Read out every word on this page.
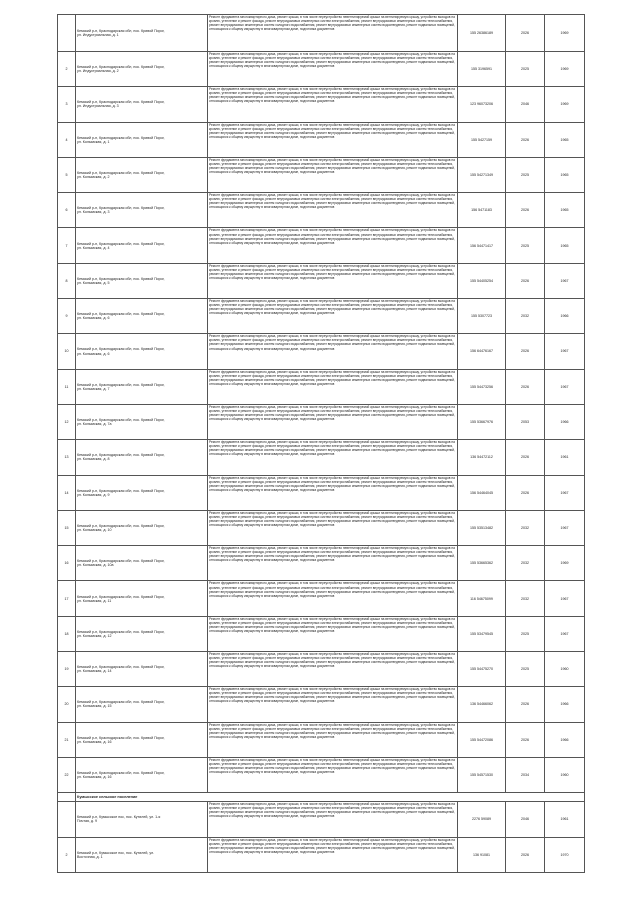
	Кемский р-н, Краснодарская обл, пос. Кривой Порог,
ул. Индустриальная, д. 1	Ремонт фундамента многоквартирного дома, ремонт крыши, в том числе переустройство невентилируемой крыши на вентилируемую крышу, устройство выходов на кровлю, утепление и ремонт фасада, ремонт внутридомовых инженерных систем электроснабжения, ремонт внутридомовых инженерных систем теплоснабжения, ремонт внутридомовых инженерных систем холодного водоснабжения, ремонт внутридомовых инженерных систем водоотведения, ремонт подвальных помещений, относящихся к общему имуществу в многоквартирном доме, подготовка документов	155 26386189	2026	1969
2	Кемский р-н, Краснодарская обл, пос. Кривой Порог,
ул. Индустриальная, д. 2	Ремонт фундамента многоквартирного дома, ремонт крыши, в том числе переустройство невентилируемой крыши на вентилируемую крышу, устройство выходов на кровлю, утепление и ремонт фасада, ремонт внутридомовых инженерных систем электроснабжения, ремонт внутридомовых инженерных систем теплоснабжения, ремонт внутридомовых инженерных систем холодного водоснабжения, ремонт внутридомовых инженерных систем водоотведения, ремонт подвальных помещений, относящихся к общему имуществу в многоквартирном доме, подготовка документов	155 3196591	2025	1969
3	Кемский р-н, Краснодарская обл, пос. Кривой Порог,
ул. Индустриальная, д. 3	Ремонт фундамента многоквартирного дома, ремонт крыши, в том числе переустройство невентилируемой крыши на вентилируемую крышу, устройство выходов на кровлю, утепление и ремонт фасада, ремонт внутридомовых инженерных систем электроснабжения, ремонт внутридомовых инженерных систем теплоснабжения, ремонт внутридомовых инженерных систем холодного водоснабжения, ремонт внутридомовых инженерных систем водоотведения, ремонт подвальных помещений, относящихся к общему имуществу в многоквартирном доме, подготовка документов	123 96073206	2046	1969
4	Кемский р-н, Краснодарская обл, пос. Кривой Порог,
ул. Колымская, д. 1	Ремонт фундамента многоквартирного дома, ремонт крыши, в том числе переустройство невентилируемой крыши на вентилируемую крышу, устройство выходов на кровлю, утепление и ремонт фасада, ремонт внутридомовых инженерных систем электроснабжения, ремонт внутридомовых инженерных систем теплоснабжения, ремонт внутридомовых инженерных систем холодного водоснабжения, ремонт внутридомовых инженерных систем водоотведения, ремонт подвальных помещений, относящихся к общему имуществу в многоквартирном доме, подготовка документов	155 5427159	2026	1965
5	Кемский р-н, Краснодарская обл, пос. Кривой Порог,
ул. Колымская, д. 2	Ремонт фундамента многоквартирного дома, ремонт крыши, в том числе переустройство невентилируемой крыши на вентилируемую крышу, устройство выходов на кровлю, утепление и ремонт фасада, ремонт внутридомовых инженерных систем электроснабжения, ремонт внутридомовых инженерных систем теплоснабжения, ремонт внутридомовых инженерных систем холодного водоснабжения, ремонт внутридомовых инженерных систем водоотведения, ремонт подвальных помещений, относящихся к общему имуществу в многоквартирном доме, подготовка документов	155 54271349	2025	1965
6	Кемский р-н, Краснодарская обл, пос. Кривой Порог,
ул. Колымская, д. 3	Ремонт фундамента многоквартирного дома, ремонт крыши, в том числе переустройство невентилируемой крыши на вентилируемую крышу, устройство выходов на кровлю, утепление и ремонт фасада, ремонт внутридомовых инженерных систем электроснабжения, ремонт внутридомовых инженерных систем теплоснабжения, ремонт внутридомовых инженерных систем холодного водоснабжения, ремонт внутридомовых инженерных систем водоотведения, ремонт подвальных помещений, относящихся к общему имуществу в многоквартирном доме, подготовка документов	156 5471183	2026	1965
7	Кемский р-н, Краснодарская обл, пос. Кривой Порог,
ул. Колымская, д. 4	Ремонт фундамента многоквартирного дома, ремонт крыши, в том числе переустройство невентилируемой крыши на вентилируемую крышу, устройство выходов на кровлю, утепление и ремонт фасада, ремонт внутридомовых инженерных систем электроснабжения, ремонт внутридомовых инженерных систем теплоснабжения, ремонт внутридомовых инженерных систем холодного водоснабжения, ремонт внутридомовых инженерных систем водоотведения, ремонт подвальных помещений, относящихся к общему имуществу в многоквартирном доме, подготовка документов	156 54471417	2025	1965
8	Кемский р-н, Краснодарская обл, пос. Кривой Порог,
ул. Колымская, д. 5	Ремонт фундамента многоквартирного дома, ремонт крыши, в том числе переустройство невентилируемой крыши на вентилируемую крышу, устройство выходов на кровлю, утепление и ремонт фасада, ремонт внутридомовых инженерных систем электроснабжения, ремонт внутридомовых инженерных систем теплоснабжения, ремонт внутридомовых инженерных систем холодного водоснабжения, ремонт внутридомовых инженерных систем водоотведения, ремонт подвальных помещений, относящихся к общему имуществу в многоквартирном доме, подготовка документов	155 54405254	2026	1967
9	Кемский р-н, Краснодарская обл, пос. Кривой Порог,
ул. Колымская, д. 6	Ремонт фундамента многоквартирного дома, ремонт крыши, в том числе переустройство невентилируемой крыши на вентилируемую крышу, устройство выходов на кровлю, утепление и ремонт фасада, ремонт внутридомовых инженерных систем электроснабжения, ремонт внутридомовых инженерных систем теплоснабжения, ремонт внутридомовых инженерных систем холодного водоснабжения, ремонт внутридомовых инженерных систем водоотведения, ремонт подвальных помещений, относящихся к общему имуществу в многоквартирном доме, подготовка документов	155 5307723	2032	1966
10	Кемский р-н, Краснодарская обл, пос. Кривой Порог,
ул. Колымская, д. 6	Ремонт фундамента многоквартирного дома, ремонт крыши, в том числе переустройство невентилируемой крыши на вентилируемую крышу, устройство выходов на кровлю, утепление и ремонт фасада, ремонт внутридомовых инженерных систем электроснабжения, ремонт внутридомовых инженерных систем теплоснабжения, ремонт внутридомовых инженерных систем холодного водоснабжения, ремонт внутридомовых инженерных систем водоотведения, ремонт подвальных помещений, относящихся к общему имуществу в многоквартирном доме, подготовка документов	156 64476167	2026	1967
11	Кемский р-н, Краснодарская обл, пос. Кривой Порог,
ул. Колымская, д. 7	Ремонт фундамента многоквартирного дома, ремонт крыши, в том числе переустройство невентилируемой крыши на вентилируемую крышу, устройство выходов на кровлю, утепление и ремонт фасада, ремонт внутридомовых инженерных систем электроснабжения, ремонт внутридомовых инженерных систем теплоснабжения, ремонт внутридомовых инженерных систем холодного водоснабжения, ремонт внутридомовых инженерных систем водоотведения, ремонт подвальных помещений, относящихся к общему имуществу в многоквартирном доме, подготовка документов	155 54473256	2026	1967
12	Кемский р-н, Краснодарская обл, пос. Кривой Порог,
ул. Колымская, д. 7а	Ремонт фундамента многоквартирного дома, ремонт крыши, в том числе переустройство невентилируемой крыши на вентилируемую крышу, устройство выходов на кровлю, утепление и ремонт фасада, ремонт внутридомовых инженерных систем электроснабжения, ремонт внутридомовых инженерных систем теплоснабжения, ремонт внутридомовых инженерных систем холодного водоснабжения, ремонт внутридомовых инженерных систем водоотведения, ремонт подвальных помещений, относящихся к общему имуществу в многоквартирном доме, подготовка документов	155 53667976	2053	1966
13	Кемский р-н, Краснодарская обл, пос. Кривой Порог,
ул. Колымская, д. 8	Ремонт фундамента многоквартирного дома, ремонт крыши, в том числе переустройство невентилируемой крыши на вентилируемую крышу, устройство выходов на кровлю, утепление и ремонт фасада, ремонт внутридомовых инженерных систем электроснабжения, ремонт внутридомовых инженерных систем теплоснабжения, ремонт внутридомовых инженерных систем холодного водоснабжения, ремонт внутридомовых инженерных систем водоотведения, ремонт подвальных помещений, относящихся к общему имуществу в многоквартирном доме, подготовка документов	136 54472112	2026	1961
14	Кемский р-н, Краснодарская обл, пос. Кривой Порог,
ул. Колымская, д. 9	Ремонт фундамента многоквартирного дома, ремонт крыши, в том числе переустройство невентилируемой крыши на вентилируемую крышу, устройство выходов на кровлю, утепление и ремонт фасада, ремонт внутридомовых инженерных систем электроснабжения, ремонт внутридомовых инженерных систем теплоснабжения, ремонт внутридомовых инженерных систем холодного водоснабжения, ремонт внутридомовых инженерных систем водоотведения, ремонт подвальных помещений, относящихся к общему имуществу в многоквартирном доме, подготовка документов	156 54464045	2026	1967
15	Кемский р-н, Краснодарская обл, пос. Кривой Порог,
ул. Колымская, д. 10	Ремонт фундамента многоквартирного дома, ремонт крыши, в том числе переустройство невентилируемой крыши на вентилируемую крышу, устройство выходов на кровлю, утепление и ремонт фасада, ремонт внутридомовых инженерных систем электроснабжения, ремонт внутридомовых инженерных систем теплоснабжения, ремонт внутридомовых инженерных систем холодного водоснабжения, ремонт внутридомовых инженерных систем водоотведения, ремонт подвальных помещений, относящихся к общему имуществу в многоквартирном доме, подготовка документов	155 53513482	2032	1967
16	Кемский р-н, Краснодарская обл, пос. Кривой Порог,
ул. Колымская, д. 10а	Ремонт фундамента многоквартирного дома, ремонт крыши, в том числе переустройство невентилируемой крыши на вентилируемую крышу, устройство выходов на кровлю, утепление и ремонт фасада, ремонт внутридомовых инженерных систем электроснабжения, ремонт внутридомовых инженерных систем теплоснабжения, ремонт внутридомовых инженерных систем холодного водоснабжения, ремонт внутридомовых инженерных систем водоотведения, ремонт подвальных помещений, относящихся к общему имуществу в многоквартирном доме, подготовка документов	155 53665362	2032	1969
17	Кемский р-н, Краснодарская обл, пос. Кривой Порог,
ул. Колымская, д. 11	Ремонт фундамента многоквартирного дома, ремонт крыши, в том числе переустройство невентилируемой крыши на вентилируемую крышу, устройство выходов на кровлю, утепление и ремонт фасада, ремонт внутридомовых инженерных систем электроснабжения, ремонт внутридомовых инженерных систем теплоснабжения, ремонт внутридомовых инженерных систем холодного водоснабжения, ремонт внутридомовых инженерных систем водоотведения, ремонт подвальных помещений, относящихся к общему имуществу в многоквартирном доме, подготовка документов	116 54675099	2032	1967
18	Кемский р-н, Краснодарская обл, пос. Кривой Порог,
ул. Колымская, д. 12	Ремонт фундамента многоквартирного дома, ремонт крыши, в том числе переустройство невентилируемой крыши на вентилируемую крышу, устройство выходов на кровлю, утепление и ремонт фасада, ремонт внутридомовых инженерных систем электроснабжения, ремонт внутридомовых инженерных систем теплоснабжения, ремонт внутридомовых инженерных систем холодного водоснабжения, ремонт внутридомовых инженерных систем водоотведения, ремонт подвальных помещений, относящихся к общему имуществу в многоквартирном доме, подготовка документов	155 53479545	2025	1967
19	Кемский р-н, Краснодарская обл, пос. Кривой Порог,
ул. Колымская, д. 14	Ремонт фундамента многоквартирного дома, ремонт крыши, в том числе переустройство невентилируемой крыши на вентилируемую крышу, устройство выходов на кровлю, утепление и ремонт фасада, ремонт внутридомовых инженерных систем электроснабжения, ремонт внутридомовых инженерных систем теплоснабжения, ремонт внутридомовых инженерных систем холодного водоснабжения, ремонт внутридомовых инженерных систем водоотведения, ремонт подвальных помещений, относящихся к общему имуществу в многоквартирном доме, подготовка документов	155 54475270	2025	1960
20	Кемский р-н, Краснодарская обл, пос. Кривой Порог,
ул. Колымская, д. 15	Ремонт фундамента многоквартирного дома, ремонт крыши, в том числе переустройство невентилируемой крыши на вентилируемую крышу, устройство выходов на кровлю, утепление и ремонт фасада, ремонт внутридомовых инженерных систем электроснабжения, ремонт внутридомовых инженерных систем теплоснабжения, ремонт внутридомовых инженерных систем холодного водоснабжения, ремонт внутридомовых инженерных систем водоотведения, ремонт подвальных помещений, относящихся к общему имуществу в многоквартирном доме, подготовка документов	136 54466062	2026	1966
21	Кемский р-н, Краснодарская обл, пос. Кривой Порог,
ул. Колымская, д. 16	Ремонт фундамента многоквартирного дома, ремонт крыши, в том числе переустройство невентилируемой крыши на вентилируемую крышу, устройство выходов на кровлю, утепление и ремонт фасада, ремонт внутридомовых инженерных систем электроснабжения, ремонт внутридомовых инженерных систем теплоснабжения, ремонт внутридомовых инженерных систем холодного водоснабжения, ремонт внутридомовых инженерных систем водоотведения, ремонт подвальных помещений, относящихся к общему имуществу в многоквартирном доме, подготовка документов	155 54472086	2026	1966
22	Кемский р-н, Краснодарская обл, пос. Кривой Порог,
ул. Колымская, д. 16	Ремонт фундамента многоквартирного дома, ремонт крыши, в том числе переустройство невентилируемой крыши на вентилируемую крышу, устройство выходов на кровлю, утепление и ремонт фасада, ремонт внутридомовых инженерных систем электроснабжения, ремонт внутридомовых инженерных систем теплоснабжения, ремонт внутридомовых инженерных систем холодного водоснабжения, ремонт внутридомовых инженерных систем водоотведения, ремонт подвальных помещений, относящихся к общему имуществу в многоквартирном доме, подготовка документов	155 54571530	2034	1960
	Кумысское сельское поселение				
	Кемский р-н, Кумысское пос, пос. Кутилей, ул. 1-я
Почтая, д. 9	Ремонт фундамента многоквартирного дома, ремонт крыши, в том числе переустройство невентилируемой крыши на вентилируемую крышу, устройство выходов на кровлю, утепление и ремонт фасада, ремонт внутридомовых инженерных систем электроснабжения, ремонт внутридомовых инженерных систем теплоснабжения, ремонт внутридомовых инженерных систем холодного водоснабжения, ремонт внутридомовых инженерных систем водоотведения, ремонт подвальных помещений, относящихся к общему имуществу в многоквартирном доме, подготовка документов	2276 59089	2046	1961
2	Кемский р-н, Кумысское пос, пос. Кутилей, ул.
Восточная, д. 1	Ремонт фундамента многоквартирного дома, ремонт крыши, в том числе переустройство невентилируемой крыши на вентилируемую крышу, устройство выходов на кровлю, утепление и ремонт фасада, ремонт внутридомовых инженерных систем электроснабжения, ремонт внутридомовых инженерных систем теплоснабжения, ремонт внутридомовых инженерных систем холодного водоснабжения, ремонт внутридомовых инженерных систем водоотведения, ремонт подвальных помещений, относящихся к общему имуществу в многоквартирном доме, подготовка документов	136 91081	2026	1970
